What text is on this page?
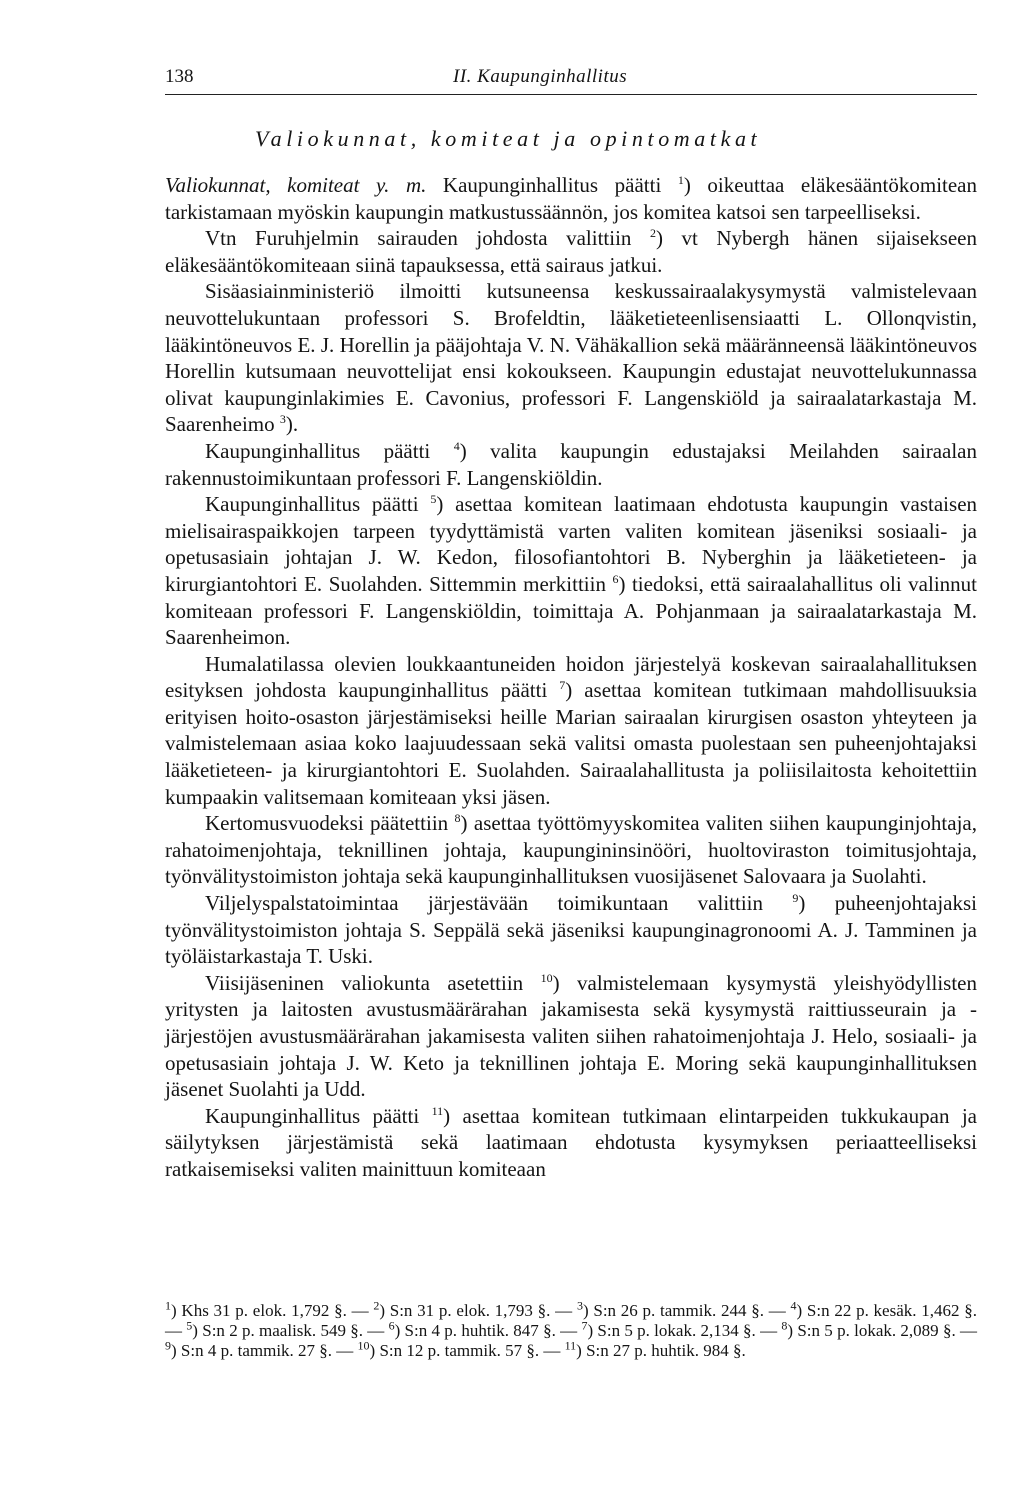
138	II. Kaupunginhallitus
Valiokunnat, komiteat ja opintomatkat

Valiokunnat, komiteat y. m. Kaupunginhallitus päätti $^1$) oikeuttaa eläkesääntökomitean tarkistamaan myöskin kaupungin matkustussäännön, jos komitea katsoi sen tarpeelliseksi.

Vtn Furuhjelmin sairauden johdosta valittiin $^2$) vt Nybergh hänen sijaisekseen eläkesääntökomiteaan siinä tapauksessa, että sairaus jatkui.

Sisäasiainministeriö ilmoitti kutsuneensa keskussairaalakysymystä valmistelevaan neuvottelukuntaan professori S. Brofeldtin, lääketieteenlisensiaatti L. Ollonqvistin, lääkintöneuvos E. J. Horellin ja pääjohtaja V. N. Vähäkallion sekä määränneensä lääkintöneuvos Horellin kutsumaan neuvottelijat ensi kokoukseen. Kaupungin edustajat neuvottelukunnassa olivat kaupunginlakimies E. Cavonius, professori F. Langenskiöld ja sairaalatarkastaja M. Saarenheimo $^3$).

Kaupunginhallitus päätti $^4$) valita kaupungin edustajaksi Meilahden sairaalan rakennustoimikuntaan professori F. Langenskiöldin.

Kaupunginhallitus päätti $^5$) asettaa komitean laatimaan ehdotusta kaupungin vastaisen mielisairaspaikkojen tarpeen tyydyttämistä varten valiten komitean jäseniksi sosiaali- ja opetusasiain johtajan J. W. Kedon, filosofiantohtori B. Nyberghin ja lääketieteen- ja kirurgiantohtori E. Suolahden. Sittemmin merkittiin $^6$) tiedoksi, että sairaalahallitus oli valinnut komiteaan professori F. Langenskiöldin, toimittaja A. Pohjanmaan ja sairaalatarkastaja M. Saarenheimon.

Humalatilassa olevien loukkaantuneiden hoidon järjestelyä koskevan sairaalahallituksen esityksen johdosta kaupunginhallitus päätti $^7$) asettaa komitean tutkimaan mahdollisuuksia erityisen hoito-osaston järjestämiseksi heille Marian sairaalan kirurgisen osaston yhteyteen ja valmistelemaan asiaa koko laajuudessaan sekä valitsi omasta puolestaan sen puheenjohtajaksi lääketieteen- ja kirurgiantohtori E. Suolahden. Sairaalahallitusta ja poliisilaitosta kehoitettiin kumpaakin valitsemaan komiteaan yksi jäsen.

Kertomusvuodeksi päätettiin $^8$) asettaa työttömyyskomitea valiten siihen kaupunginjohtaja, rahatoimenjohtaja, teknillinen johtaja, kaupungininsinööri, huoltoviraston toimitusjohtaja, työnvälitystoimiston johtaja sekä kaupunginhallituksen vuosijäsenet Salovaara ja Suolahti.

Viljelyspalstatoimintaa järjestävään toimikuntaan valittiin $^9$) puheenjohtajaksi työnvälitystoimiston johtaja S. Seppälä sekä jäseniksi kaupunginagronoomi A. J. Tamminen ja työläistarkastaja T. Uski.

Viisijäseninen valiokunta asetettiin $^{10}$) valmistelemaan kysymystä yleishyödyllisten yritysten ja laitosten avustusmäärärahan jakamisesta sekä kysymystä raittiusseurain ja -järjestöjen avustusmäärärahan jakamisesta valiten siihen rahatoimenjohtaja J. Helo, sosiaali- ja opetusasiain johtaja J. W. Keto ja teknillinen johtaja E. Moring sekä kaupunginhallituksen jäsenet Suolahti ja Udd.

Kaupunginhallitus päätti $^{11}$) asettaa komitean tutkimaan elintarpeiden tukkukaupan ja säilytyksen järjestämistä sekä laatimaan ehdotusta kysymyksen periaatteelliseksi ratkaisemiseksi valiten mainittuun komiteaan

$^1$) Khs 31 p. elok. 1,792 §. — $^2$) S:n 31 p. elok. 1,793 §. — $^3$) S:n 26 p. tammik. 244 §. — $^4$) S:n 22 p. kesäk. 1,462 §. — $^5$) S:n 2 p. maalisk. 549 §. — $^6$) S:n 4 p. huhtik. 847 §. — $^7$) S:n 5 p. lokak. 2,134 §. — $^8$) S:n 5 p. lokak. 2,089 §. — $^9$) S:n 4 p. tammik. 27 §. — $^{10}$) S:n 12 p. tammik. 57 §. — $^{11}$) S:n 27 p. huhtik. 984 §.
